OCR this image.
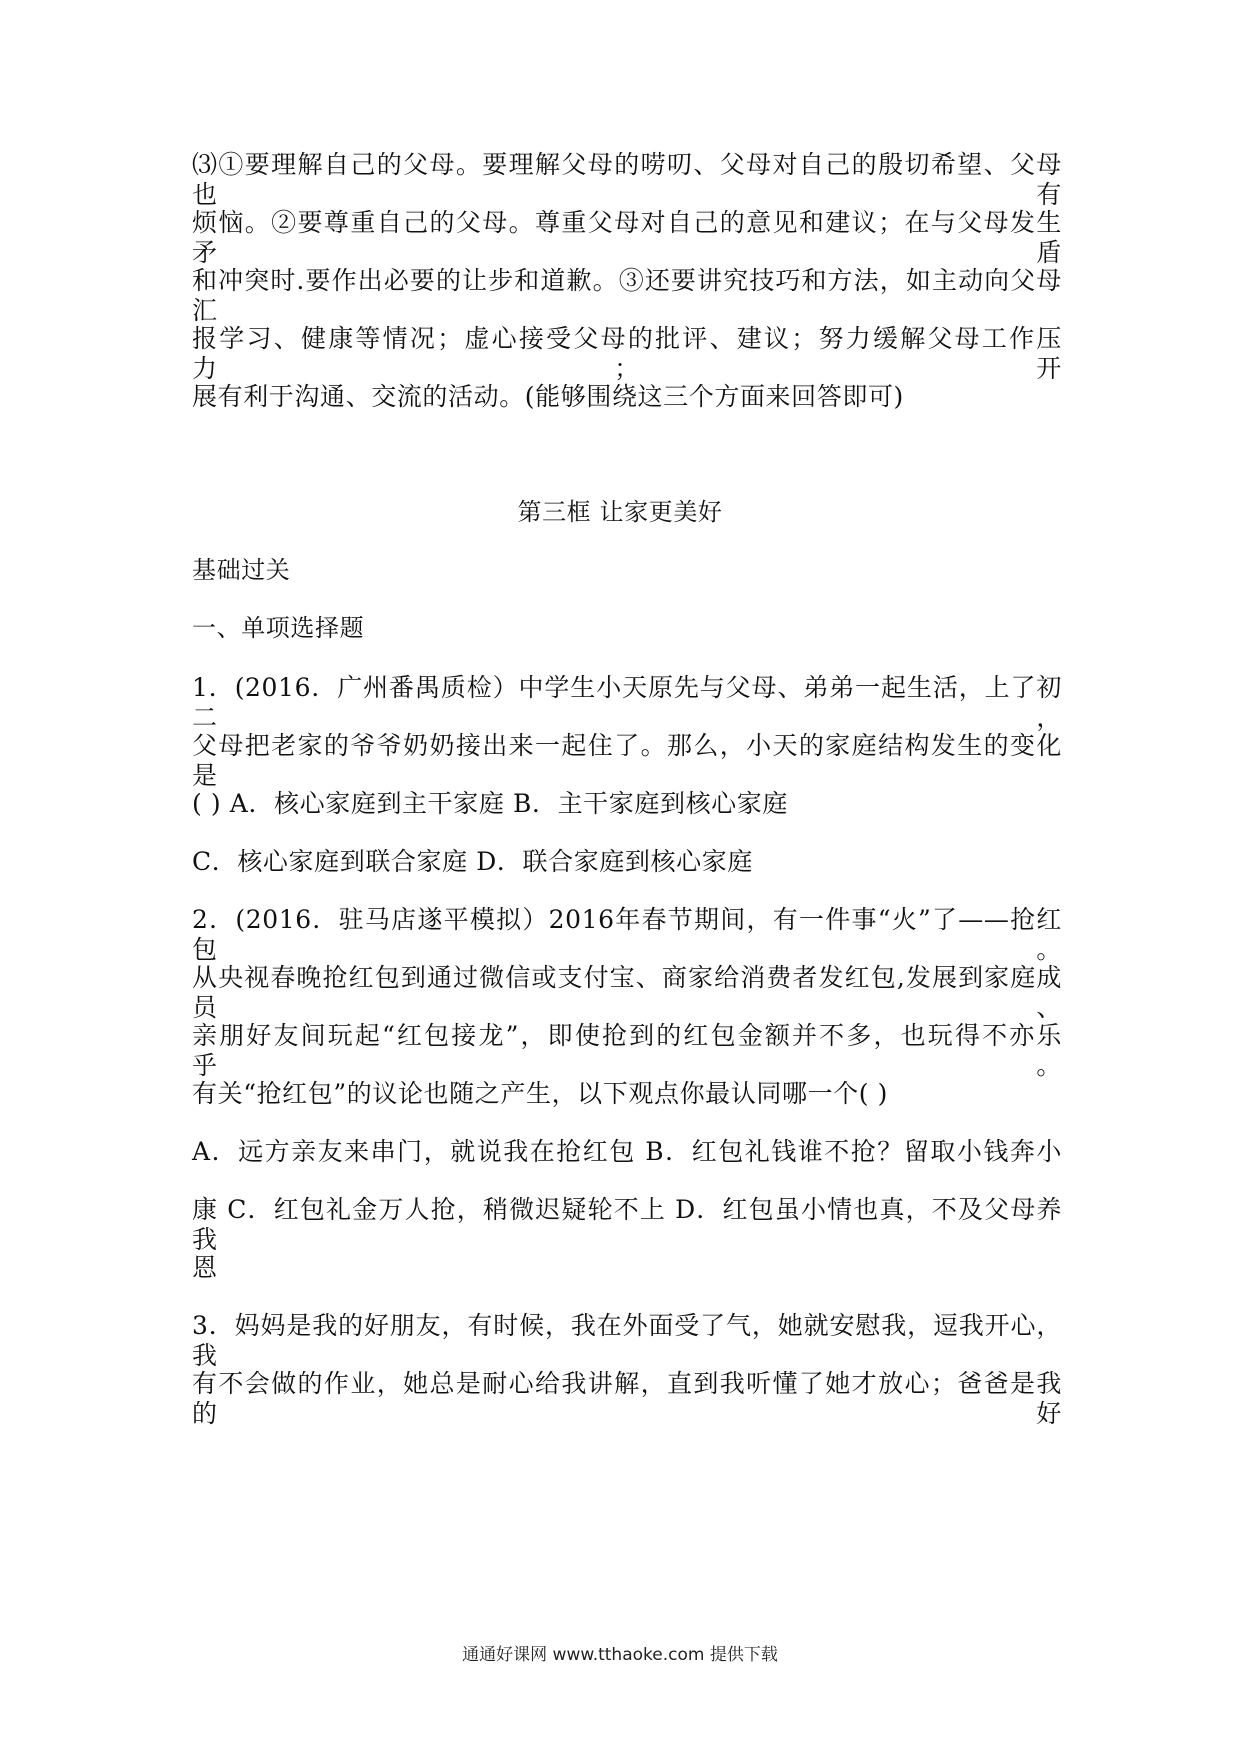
⑶①要理解自己的父母。要理解父母的唠叨、父母对自己的殷切希望、父母也有
烦恼。②要尊重自己的父母。尊重父母对自己的意见和建议；在与父母发生矛盾
和冲突时.要作出必要的让步和道歉。③还要讲究技巧和方法，如主动向父母汇
报学习、健康等情况；虚心接受父母的批评、建议；努力缓解父母工作压力；开
展有利于沟通、交流的活动。(能够围绕这三个方面来回答即可)
第三框 让家更美好
基础过关
一、单项选择题
1．(2016．广州番禺质检）中学生小天原先与父母、弟弟一起生活，上了初二，
父母把老家的爷爷奶奶接出来一起住了。那么，小天的家庭结构发生的变化是
( ) A．核心家庭到主干家庭 B．主干家庭到核心家庭
C．核心家庭到联合家庭 D．联合家庭到核心家庭
2．(2016．驻马店遂平模拟）2016年春节期间，有一件事“火”了——抢红包。
从央视春晚抢红包到通过微信或支付宝、商家给消费者发红包,发展到家庭成员、
亲朋好友间玩起“红包接龙”，即使抢到的红包金额并不多，也玩得不亦乐乎。
有关“抢红包”的议论也随之产生，以下观点你最认同哪一个( )
A．远方亲友来串门，就说我在抢红包 B．红包礼钱谁不抢？留取小钱奔小
康 C．红包礼金万人抢，稍微迟疑轮不上 D．红包虽小情也真，不及父母养我
恩
3．妈妈是我的好朋友，有时候，我在外面受了气，她就安慰我，逗我开心，我
有不会做的作业，她总是耐心给我讲解，直到我听懂了她才放心；爸爸是我的好
通通好课网 www.tthaoke.com 提供下载
